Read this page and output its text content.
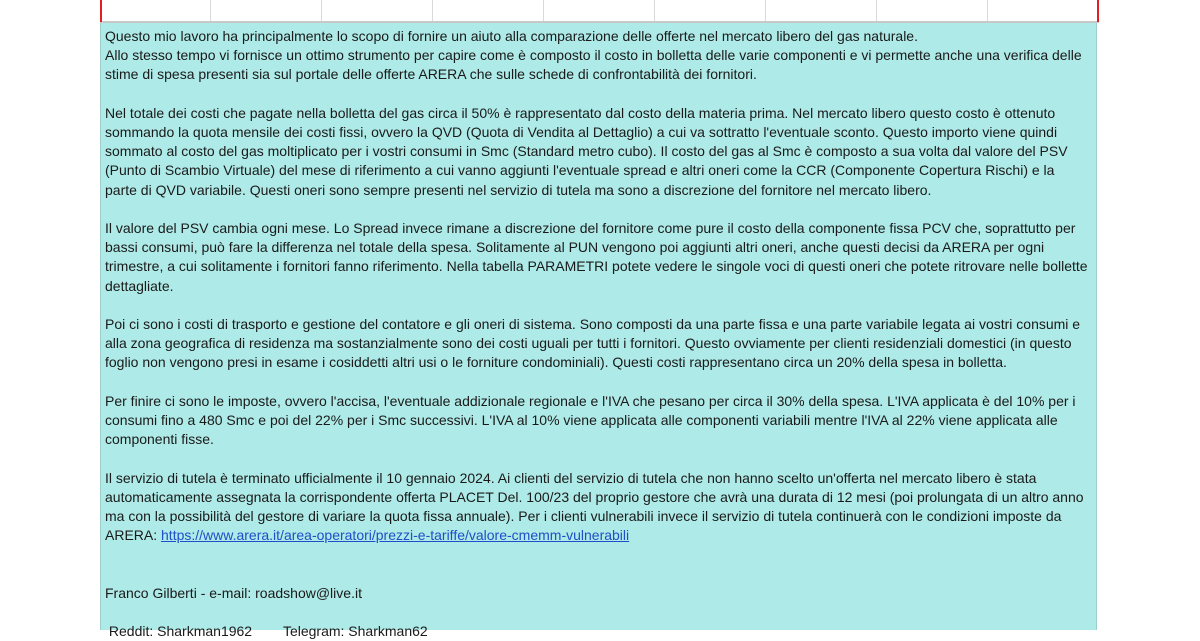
Questo mio lavoro ha principalmente lo scopo di fornire un aiuto alla comparazione delle offerte nel mercato libero del gas naturale.
Allo stesso tempo vi fornisce un ottimo strumento per capire come è composto il costo in bolletta delle varie componenti e vi permette anche una verifica delle stime di spesa presenti sia sul portale delle offerte ARERA che sulle schede di confrontabilità dei fornitori.

Nel totale dei costi che pagate nella bolletta del gas circa il 50% è rappresentato dal costo della materia prima. Nel mercato libero questo costo è ottenuto sommando la quota mensile dei costi fissi, ovvero la QVD (Quota di Vendita al Dettaglio) a cui va sottratto l'eventuale sconto. Questo importo viene quindi sommato al costo del gas moltiplicato per i vostri consumi in Smc (Standard metro cubo). Il costo del gas al Smc è composto a sua volta dal valore del PSV (Punto di Scambio Virtuale) del mese di riferimento a cui vanno aggiunti l'eventuale spread e altri oneri come la CCR (Componente Copertura Rischi) e la parte di QVD variabile. Questi oneri sono sempre presenti nel servizio di tutela ma sono a discrezione del fornitore nel mercato libero.

Il valore del PSV cambia ogni mese. Lo Spread invece rimane a discrezione del fornitore come pure il costo della componente fissa PCV che, soprattutto per bassi consumi, può fare la differenza nel totale della spesa. Solitamente al PUN vengono poi aggiunti altri oneri, anche questi decisi da ARERA per ogni trimestre, a cui solitamente i fornitori fanno riferimento. Nella tabella PARAMETRI potete vedere le singole voci di questi oneri che potete ritrovare nelle bollette dettagliate.

Poi ci sono i costi di trasporto e gestione del contatore e gli oneri di sistema. Sono composti da una parte fissa e una parte variabile legata ai vostri consumi e alla zona geografica di residenza ma sostanzialmente sono dei costi uguali per tutti i fornitori. Questo ovviamente per clienti residenziali domestici (in questo foglio non vengono presi in esame i cosiddetti altri usi o le forniture condominiali). Questi costi rappresentano circa un 20% della spesa in bolletta.

Per finire ci sono le imposte, ovvero l'accisa, l'eventuale addizionale regionale e l'IVA che pesano per circa il 30% della spesa. L'IVA applicata è del 10% per i consumi fino a 480 Smc e poi del 22% per i Smc successivi. L'IVA al 10% viene applicata alle componenti variabili mentre l'IVA al 22% viene applicata alle componenti fisse.

Il servizio di tutela è terminato ufficialmente il 10 gennaio 2024. Ai clienti del servizio di tutela che non hanno scelto un'offerta nel mercato libero è stata automaticamente assegnata la corrispondente offerta PLACET Del. 100/23 del proprio gestore che avrà una durata di 12 mesi (poi prolungata di un altro anno ma con la possibilità del gestore di variare la quota fissa annuale). Per i clienti vulnerabili invece il servizio di tutela continuerà con le condizioni imposte da ARERA: https://www.arera.it/area-operatori/prezzi-e-tariffe/valore-cmemm-vulnerabili

Franco Gilberti - e-mail: roadshow@live.it

Reddit: Sharkman1962        Telegram: Sharkman62
